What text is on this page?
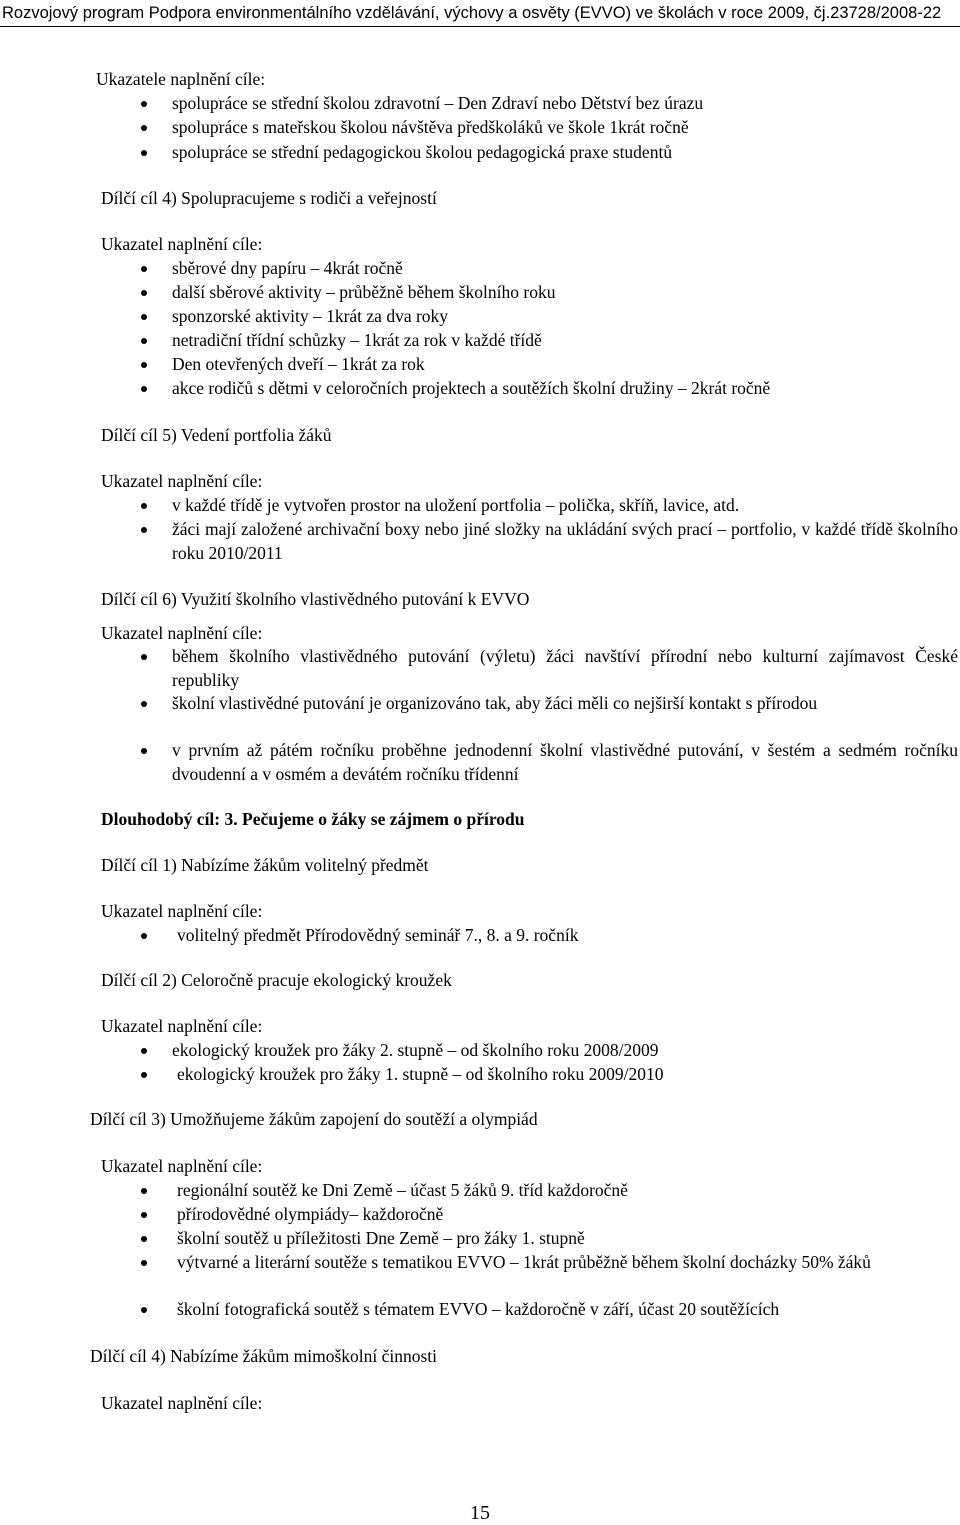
Rozvojový program Podpora environmentálního vzdělávání, výchovy a osvěty (EVVO) ve školách v roce 2009, čj.23728/2008-22
Ukazatele naplnění cíle:
spolupráce se střední školou zdravotní – Den Zdraví nebo Dětství bez úrazu
spolupráce s mateřskou školou návštěva předškoláků ve škole 1krát ročně
spolupráce se střední pedagogickou školou pedagogická praxe studentů
Dílčí cíl 4) Spolupracujeme s rodiči a veřejností
Ukazatel naplnění cíle:
sběrové dny papíru – 4krát ročně
další sběrové aktivity – průběžně během školního roku
sponzorské aktivity – 1krát za dva roky
netradiční třídní schůzky – 1krát za rok v každé třídě
Den otevřených dveří – 1krát za rok
akce rodičů s dětmi v celoročních projektech a soutěžích školní družiny – 2krát ročně
Dílčí cíl 5) Vedení portfolia žáků
Ukazatel naplnění cíle:
v každé třídě je vytvořen prostor na uložení portfolia – polička, skříň, lavice, atd.
žáci mají založené archivační boxy nebo jiné složky na ukládání svých prací – portfolio, v každé třídě školního roku 2010/2011
Dílčí cíl 6) Využití školního vlastivědného putování k EVVO
Ukazatel naplnění cíle:
během školního vlastivědného putování (výletu) žáci navštíví přírodní nebo kulturní zajímavost České republiky
školní vlastivědné putování je organizováno tak, aby žáci měli co nejširší kontakt s přírodou
v prvním až pátém ročníku proběhne jednodenní školní vlastivědné putování, v šestém a sedmém ročníku dvoudenní a v osmém a devátém ročníku třídenní
Dlouhodobý cíl: 3. Pečujeme o žáky se zájmem o přírodu
Dílčí cíl 1) Nabízíme žákům volitelný předmět
Ukazatel naplnění cíle:
volitelný předmět Přírodovědný seminář 7., 8. a 9. ročník
Dílčí cíl 2) Celoročně pracuje ekologický kroužek
Ukazatel naplnění cíle:
ekologický kroužek pro žáky 2. stupně – od školního roku 2008/2009
ekologický kroužek pro žáky 1. stupně – od školního roku 2009/2010
Dílčí cíl 3) Umožňujeme žákům zapojení do soutěží a olympiád
Ukazatel naplnění cíle:
regionální soutěž ke Dni Země – účast 5 žáků 9. tříd každoročně
přírodovědné olympiády– každoročně
školní soutěž u příležitosti Dne Země – pro žáky 1. stupně
výtvarné a literární soutěže s tematikou EVVO – 1krát průběžně během školní docházky 50% žáků
školní fotografická soutěž s tématem EVVO – každoročně v září, účast 20 soutěžících
Dílčí cíl 4) Nabízíme žákům mimoškolní činnosti
Ukazatel naplnění cíle:
15
